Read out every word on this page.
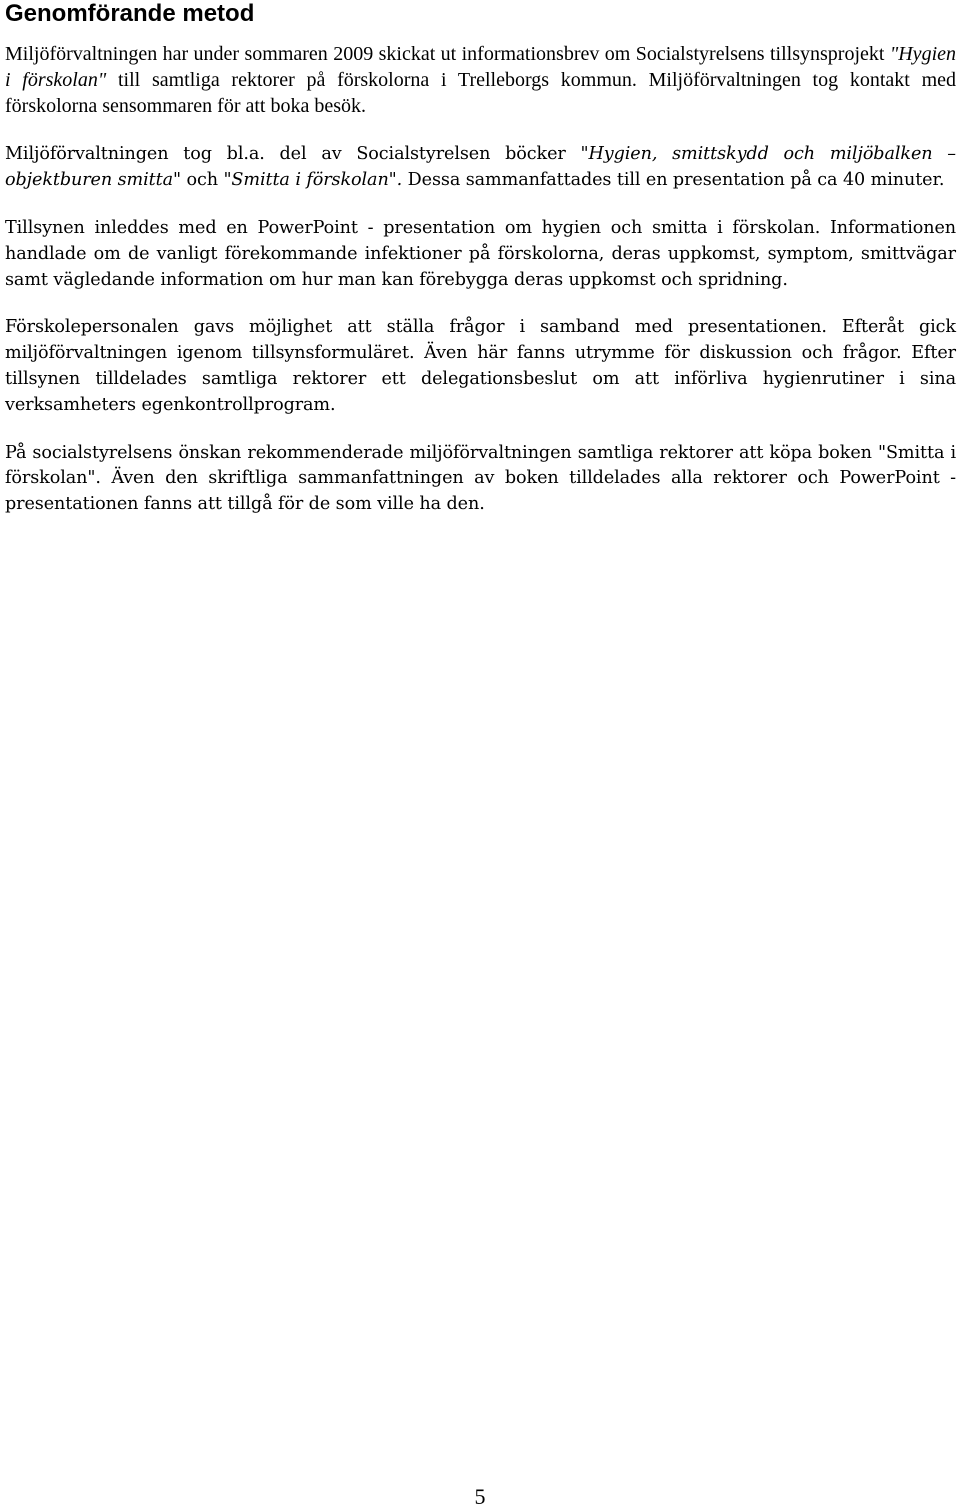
Genomförande metod

Miljöförvaltningen har under sommaren 2009 skickat ut informationsbrev om Socialstyrelsens tillsynsprojekt "Hygien i förskolan" till samtliga rektorer på förskolorna i Trelleborgs kommun. Miljöförvaltningen tog kontakt med förskolorna sensommaren för att boka besök.

Miljöförvaltningen tog bl.a. del av Socialstyrelsen böcker "Hygien, smittskydd och miljöbalken – objektburen smitta" och "Smitta i förskolan". Dessa sammanfattades till en presentation på ca 40 minuter.

Tillsynen inleddes med en PowerPoint - presentation om hygien och smitta i förskolan. Informationen handlade om de vanligt förekommande infektioner på förskolorna, deras uppkomst, symptom, smittvägar samt vägledande information om hur man kan förebygga deras uppkomst och spridning.

Förskolepersonalen gavs möjlighet att ställa frågor i samband med presentationen. Efteråt gick miljöförvaltningen igenom tillsynsformuläret. Även här fanns utrymme för diskussion och frågor. Efter tillsynen tilldelades samtliga rektorer ett delegationsbeslut om att införliva hygienrutiner i sina verksamheters egenkontrollprogram.

På socialstyrelsens önskan rekommenderade miljöförvaltningen samtliga rektorer att köpa boken "Smitta i förskolan". Även den skriftliga sammanfattningen av boken tilldelades alla rektorer och PowerPoint - presentationen fanns att tillgå för de som ville ha den.

5
